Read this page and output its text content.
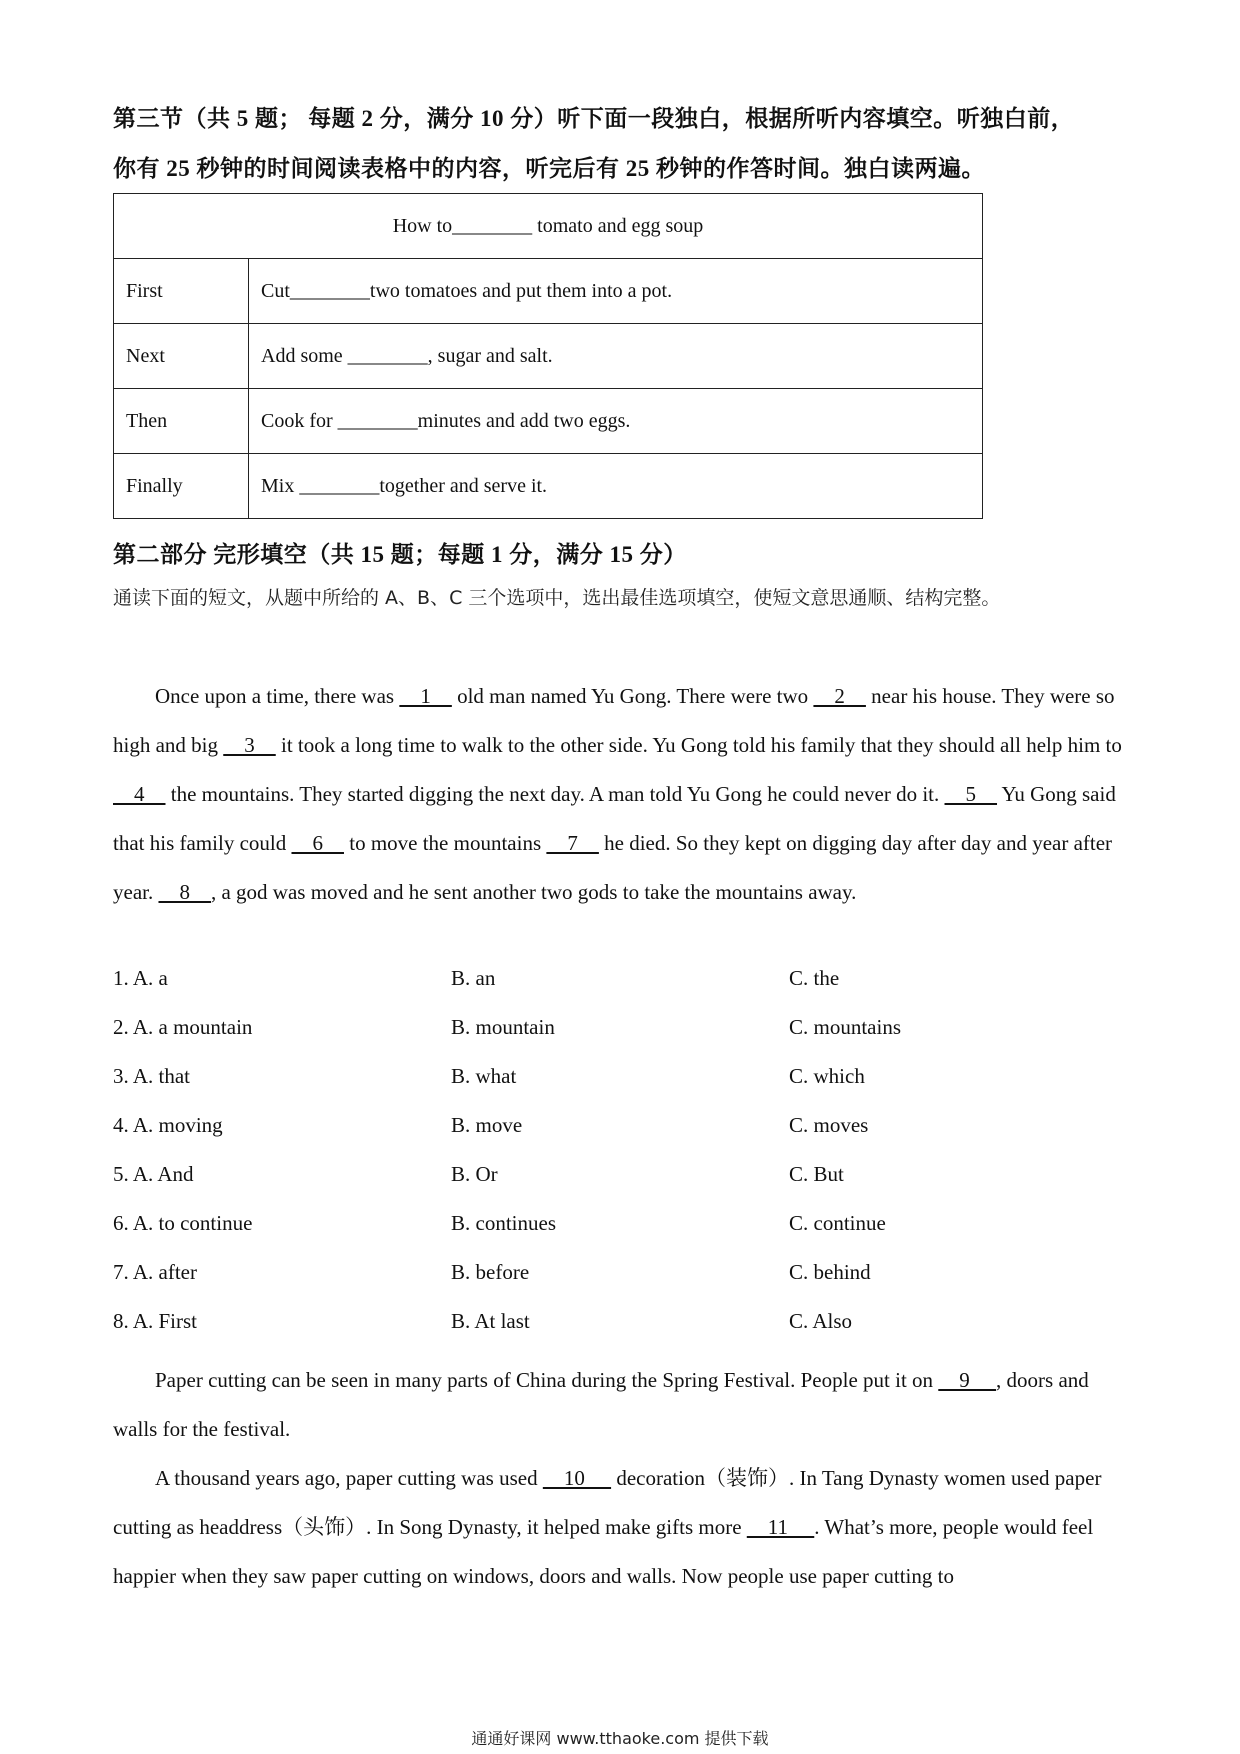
第三节（共 5 题； 每题 2 分，满分 10 分）听下面一段独白，根据所听内容填空。听独白前，
你有 25 秒钟的时间阅读表格中的内容，听完后有 25 秒钟的作答时间。独白读两遍。
How to________ tomato and egg soup	
First	Cut________two tomatoes and put them into a pot.
Next	Add some ________, sugar and salt.
Then	Cook for ________minutes and add two eggs.
Finally	Mix ________together and serve it.
第二部分 完形填空（共 15 题；每题 1 分，满分 15 分）
通读下面的短文，从题中所给的 A、B、C 三个选项中，选出最佳选项填空，使短文意思通顺、结构完整。
Once upon a time, there was     1     old man named Yu Gong. There were two     2     near his house. They were so high and big     3     it took a long time to walk to the other side. Yu Gong told his family that they should all help him to     4     the mountains. They started digging the next day. A man told Yu Gong he could never do it.     5     Yu Gong said that his family could     6     to move the mountains     7     he died. So they kept on digging day after day and year after year.     8    , a god was moved and he sent another two gods to take the mountains away.
1. A. a	B. an	C. the
2. A. a mountain	B. mountain	C. mountains
3. A. that	B. what	C. which
4. A. moving	B. move	C. moves
5. A. And	B. Or	C. But
6. A. to continue	B. continues	C. continue
7. A. after	B. before	C. behind
8. A. First	B. At last	C. Also
Paper cutting can be seen in many parts of China during the Spring Festival. People put it on     9     , doors and walls for the festival.
A thousand years ago, paper cutting was used     10      decoration（装饰）. In Tang Dynasty women used paper cutting as headdress（头饰）. In Song Dynasty, it helped make gifts more     11     . What’s more, people would feel happier when they saw paper cutting on windows, doors and walls. Now people use paper cutting to
通通好课网 www.tthaoke.com 提供下载
